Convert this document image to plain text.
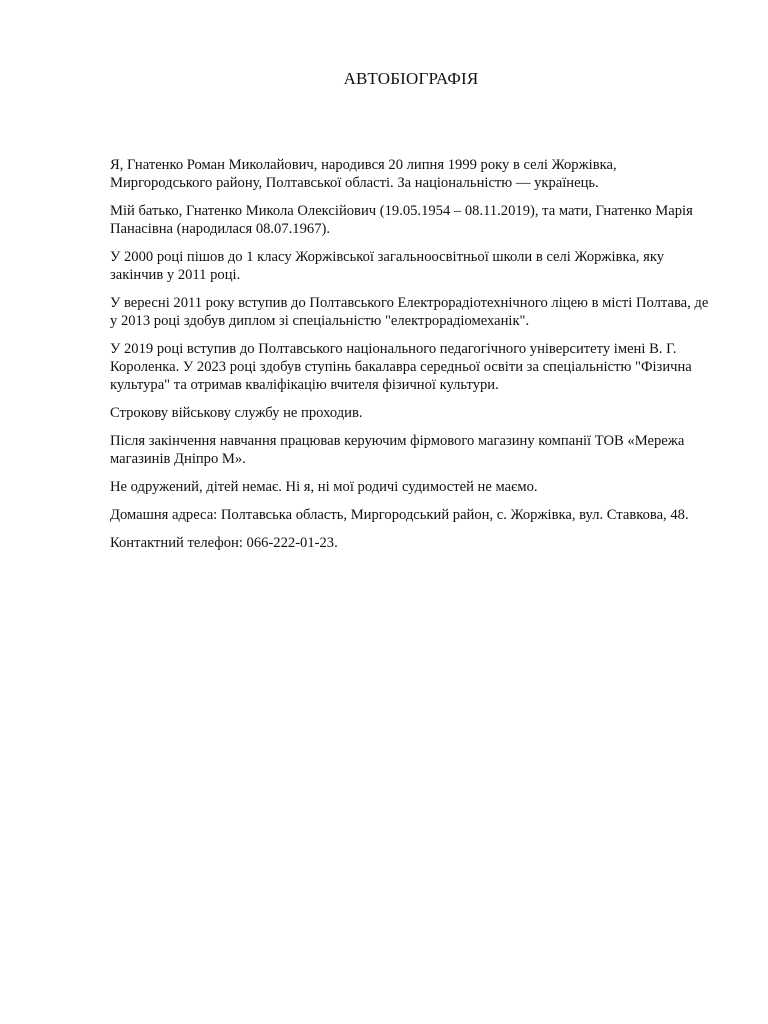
АВТОБІОГРАФІЯ

Я, Гнатенко Роман Миколайович, народився 20 липня 1999 року в селі Жоржівка, Миргородського району, Полтавської області. За національністю — українець.

Мій батько, Гнатенко Микола Олексійович (19.05.1954 – 08.11.2019), та мати, Гнатенко Марія Панасівна (народилася 08.07.1967).

У 2000 році пішов до 1 класу Жоржівської загальноосвітньої школи в селі Жоржівка, яку закінчив у 2011 році.

У вересні 2011 року вступив до Полтавського Електрорадіотехнічного ліцею в місті Полтава, де у 2013 році здобув диплом зі спеціальністю "електрорадіомеханік".

У 2019 році вступив до Полтавського національного педагогічного університету імені В. Г. Короленка. У 2023 році здобув ступінь бакалавра середньої освіти за спеціальністю "Фізична культура" та отримав кваліфікацію вчителя фізичної культури.

Строкову військову службу не проходив.

Після закінчення навчання працював керуючим фірмового магазину компанії ТОВ «Мережа магазинів Дніпро М».

Не одружений, дітей немає. Ні я, ні мої родичі судимостей не маємо.

Домашня адреса: Полтавська область, Миргородський район, с. Жоржівка, вул. Ставкова, 48.

Контактний телефон: 066-222-01-23.
